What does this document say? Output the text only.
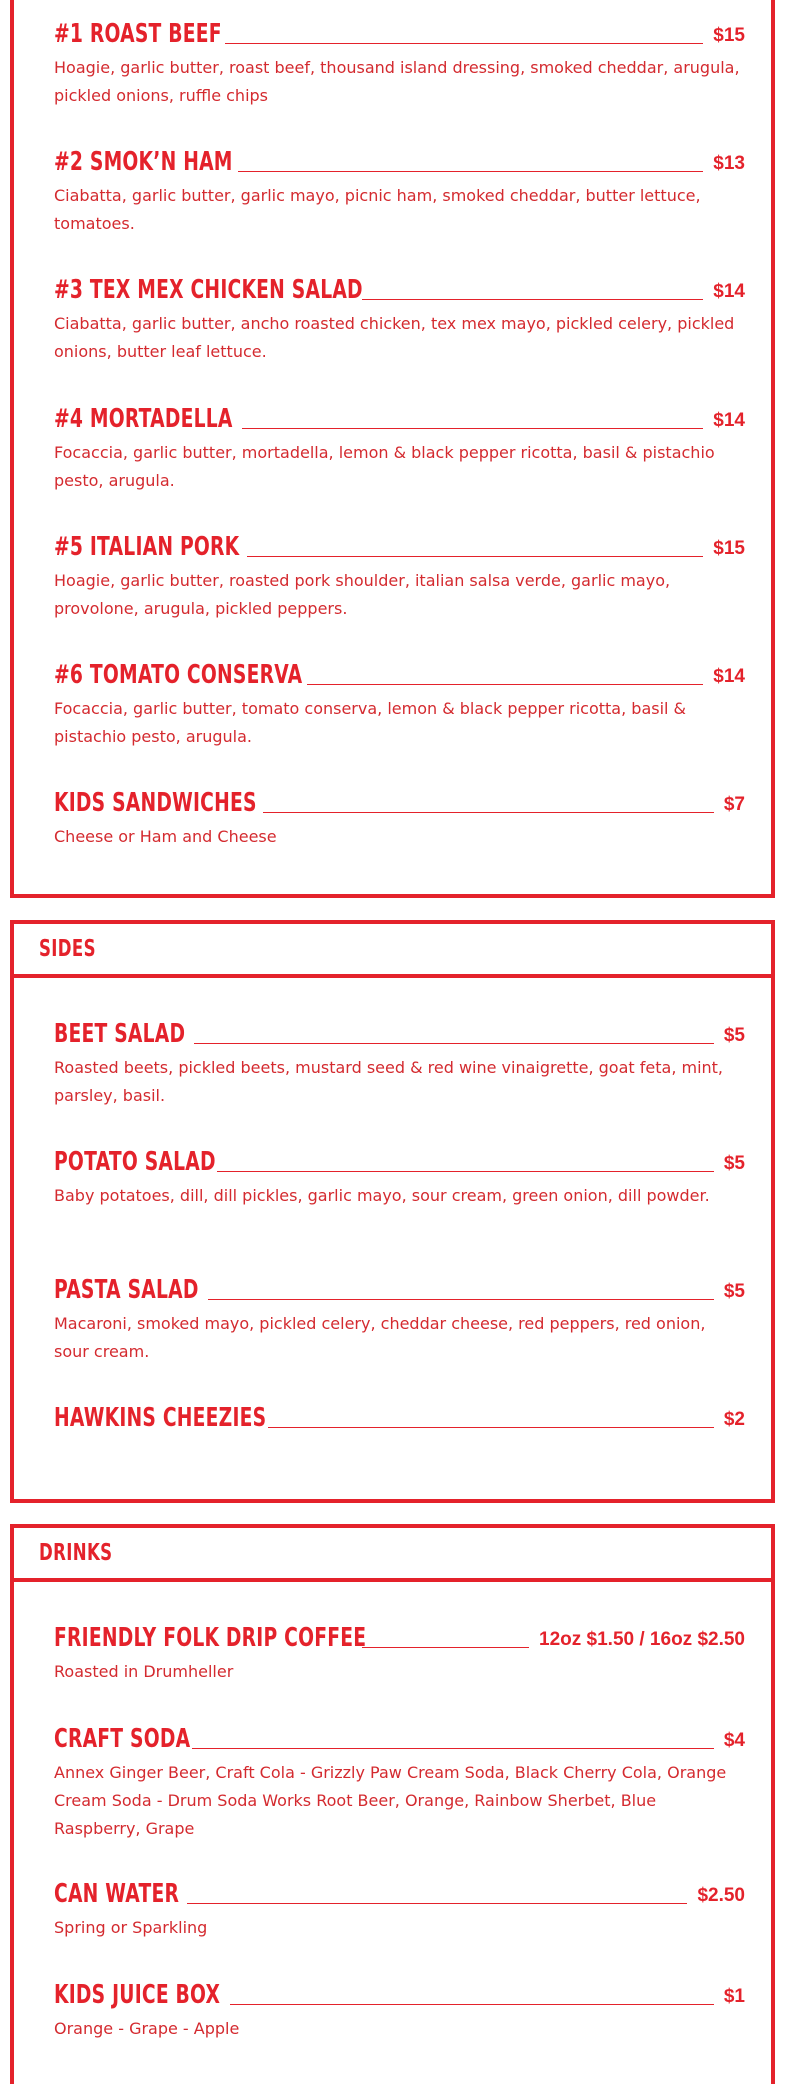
#1 ROAST BEEF	$15
Hoagie, garlic butter, roast beef, thousand island dressing, smoked cheddar, arugula, pickled onions, ruffle chips
#2 SMOK’N HAM	$13
Ciabatta, garlic butter, garlic mayo, picnic ham, smoked cheddar, butter lettuce, tomatoes.
#3 TEX MEX CHICKEN SALAD	$14
Ciabatta, garlic butter, ancho roasted chicken, tex mex mayo, pickled celery, pickled onions, butter leaf lettuce.
#4 MORTADELLA	$14
Focaccia, garlic butter, mortadella, lemon & black pepper ricotta, basil & pistachio pesto, arugula.
#5 ITALIAN PORK	$15
Hoagie, garlic butter, roasted pork shoulder, italian salsa verde, garlic mayo, provolone, arugula, pickled peppers.
#6 TOMATO CONSERVA	$14
Focaccia, garlic butter, tomato conserva, lemon & black pepper ricotta, basil & pistachio pesto, arugula.
KIDS SANDWICHES	$7
Cheese or Ham and Cheese
SIDES
BEET SALAD	$5
Roasted beets, pickled beets, mustard seed & red wine vinaigrette, goat feta, mint, parsley, basil.
POTATO SALAD	$5
Baby potatoes, dill, dill pickles, garlic mayo, sour cream, green onion, dill powder.
PASTA SALAD	$5
Macaroni, smoked mayo, pickled celery, cheddar cheese, red peppers, red onion, sour cream.
HAWKINS CHEEZIES	$2
DRINKS
FRIENDLY FOLK DRIP COFFEE	12oz $1.50 / 16oz $2.50
Roasted in Drumheller
CRAFT SODA	$4
Annex Ginger Beer, Craft Cola - Grizzly Paw Cream Soda, Black Cherry Cola, Orange Cream Soda - Drum Soda Works Root Beer, Orange, Rainbow Sherbet, Blue Raspberry, Grape
CAN WATER	$2.50
Spring or Sparkling
KIDS JUICE BOX	$1
Orange - Grape - Apple
